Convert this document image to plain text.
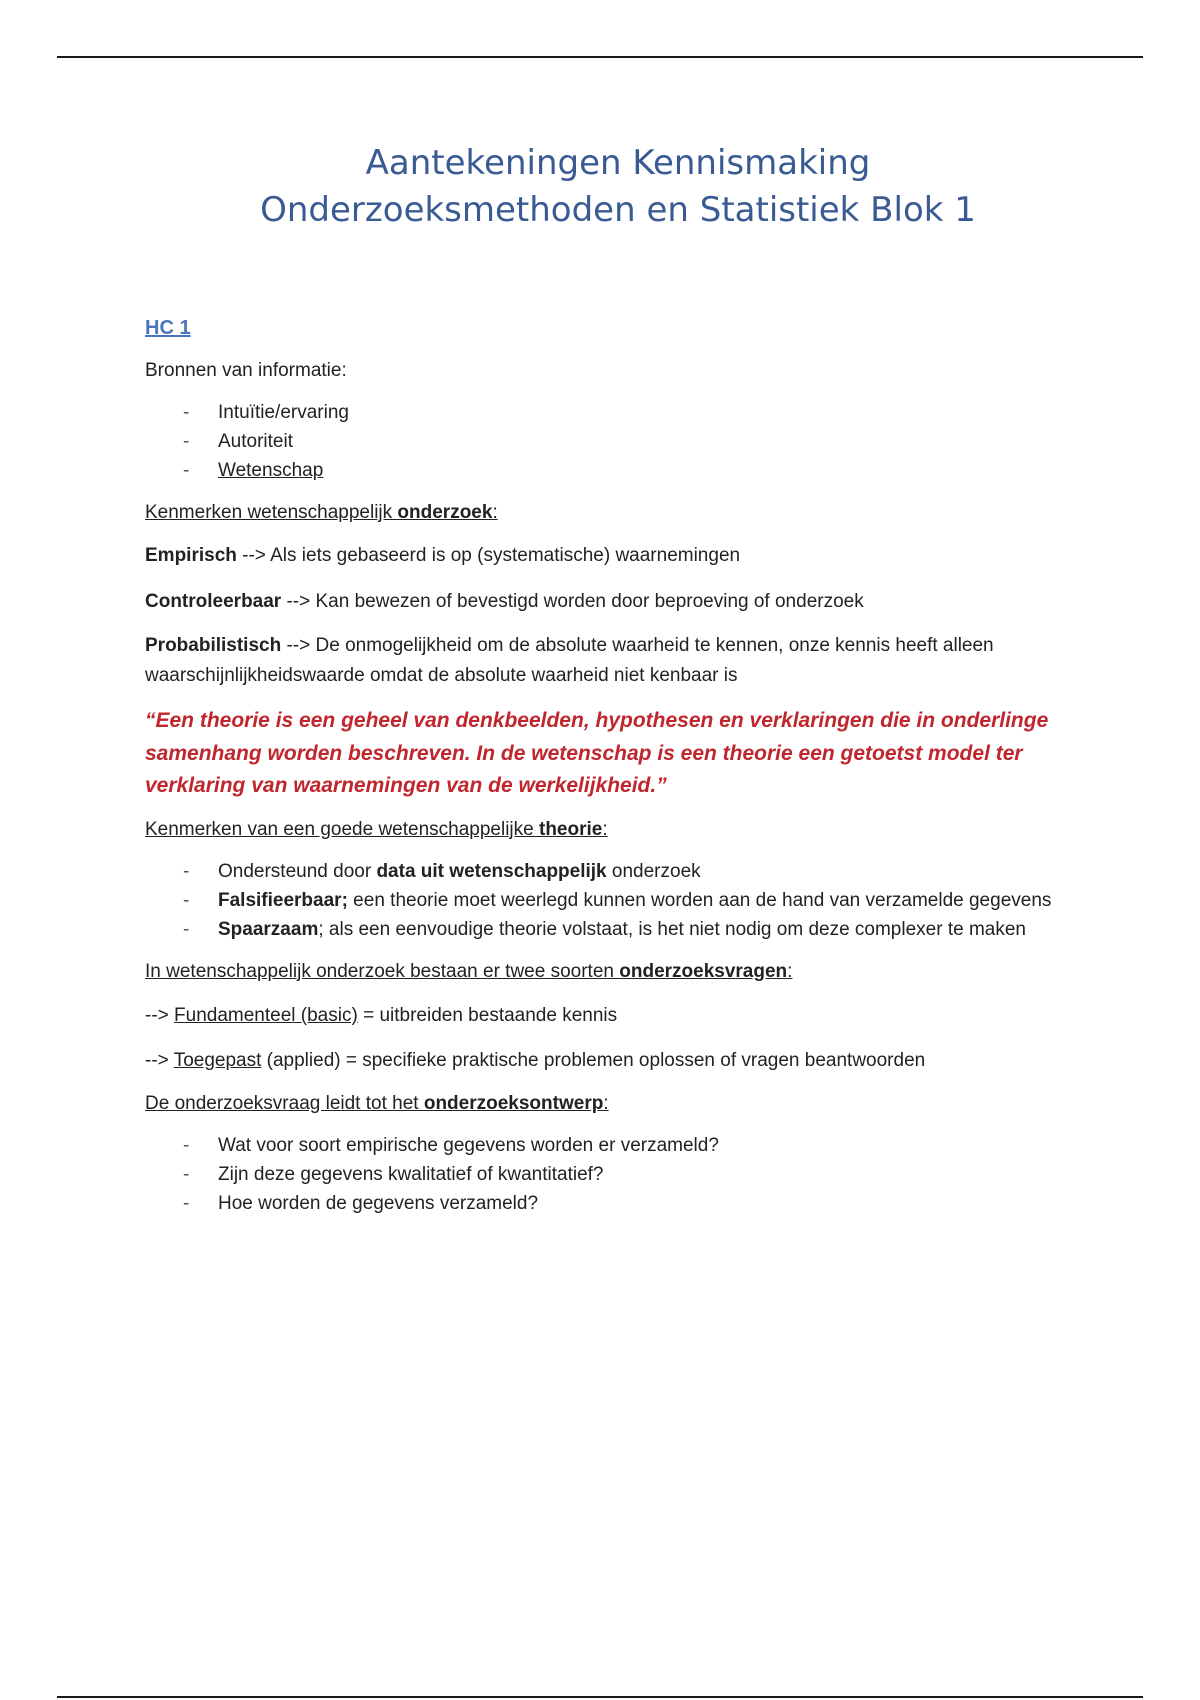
Aantekeningen Kennismaking
Onderzoeksmethoden en Statistiek Blok 1

HC 1

Bronnen van informatie:

- Intuïtie/ervaring
- Autoriteit
- Wetenschap

Kenmerken wetenschappelijk onderzoek:

Empirisch --> Als iets gebaseerd is op (systematische) waarnemingen

Controleerbaar --> Kan bewezen of bevestigd worden door beproeving of onderzoek

Probabilistisch --> De onmogelijkheid om de absolute waarheid te kennen, onze kennis heeft alleen waarschijnlijkheidswaarde omdat de absolute waarheid niet kenbaar is

“Een theorie is een geheel van denkbeelden, hypothesen en verklaringen die in onderlinge samenhang worden beschreven. In de wetenschap is een theorie een getoetst model ter verklaring van waarnemingen van de werkelijkheid.”

Kenmerken van een goede wetenschappelijke theorie:

- Ondersteund door data uit wetenschappelijk onderzoek
- Falsifieerbaar; een theorie moet weerlegd kunnen worden aan de hand van verzamelde gegevens
- Spaarzaam; als een eenvoudige theorie volstaat, is het niet nodig om deze complexer te maken

In wetenschappelijk onderzoek bestaan er twee soorten onderzoeksvragen:

--> Fundamenteel (basic) = uitbreiden bestaande kennis

--> Toegepast (applied) = specifieke praktische problemen oplossen of vragen beantwoorden

De onderzoeksvraag leidt tot het onderzoeksontwerp:

- Wat voor soort empirische gegevens worden er verzameld?
- Zijn deze gegevens kwalitatief of kwantitatief?
- Hoe worden de gegevens verzameld?
